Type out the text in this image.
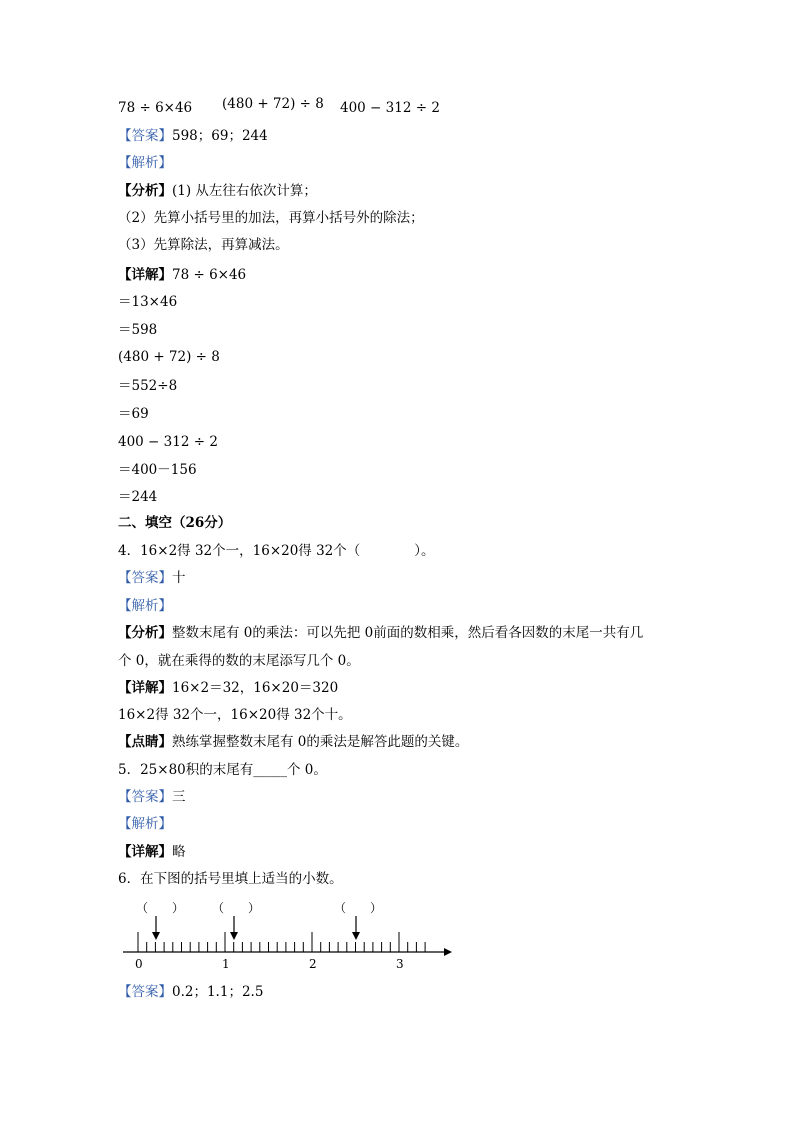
78 ÷ 6×46 (480 + 72) ÷ 8 400 − 312 ÷ 2
【答案】598；69；244
【解析】
【分析】(1) 从左往右依次计算；
（2）先算小括号里的加法，再算小括号外的除法；
（3）先算除法，再算减法。
【详解】78 ÷ 6×46
＝13×46
＝598
(480 + 72) ÷ 8
＝552÷8
＝69
400 − 312 ÷ 2
＝400－156
＝244
二、填空（26分）
4．16×2得 32个一，16×20得 32个（　　　　）。
【答案】十
【解析】
【分析】整数末尾有 0的乘法：可以先把 0前面的数相乘，然后看各因数的末尾一共有几
个 0，就在乘得的数的末尾添写几个 0。
【详解】16×2＝32，16×20＝320
16×2得 32个一，16×20得 32个十。
【点睛】熟练掌握整数末尾有 0的乘法是解答此题的关键。
5．25×80积的末尾有_____个 0。
【答案】三
【解析】
【详解】略
6．在下图的括号里填上适当的小数。
（　　） （　　）	（　　）
0	1	2	3
【答案】0.2；1.1；2.5
